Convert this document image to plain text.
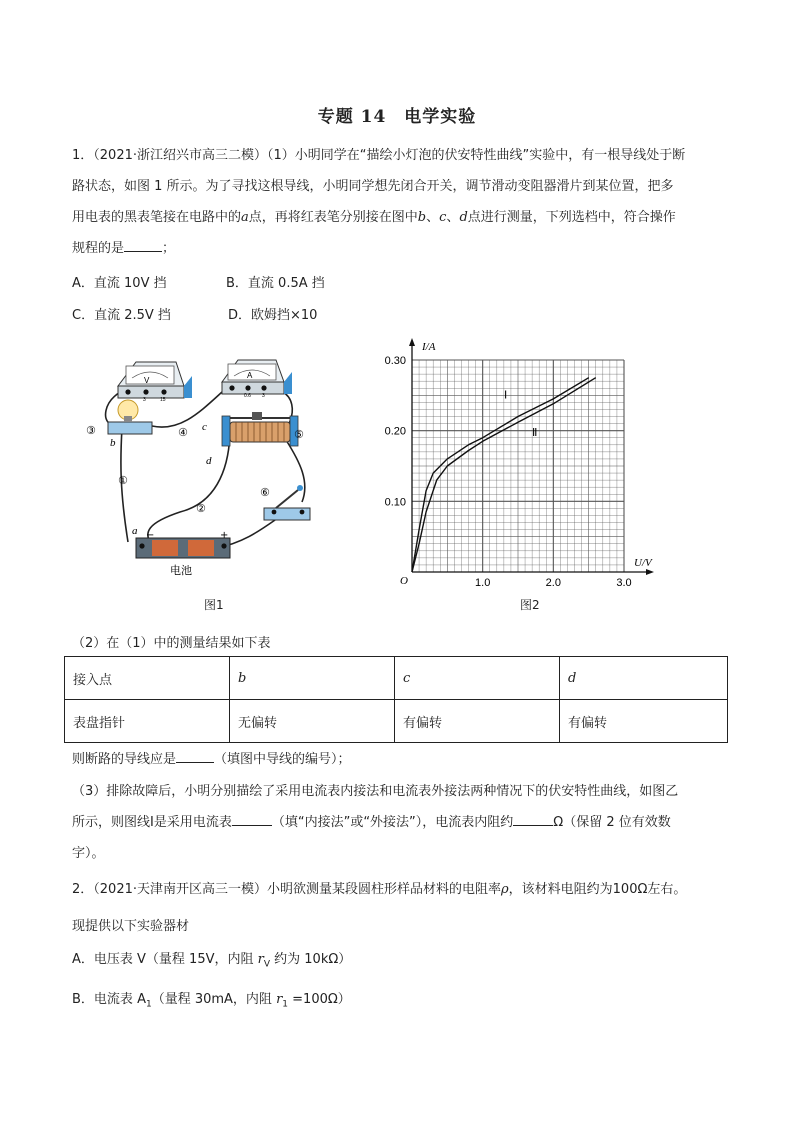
专题 14　电学实验
1．（2021·浙江绍兴市高三二模）（1）小明同学在“描绘小灯泡的伏安特性曲线”实验中，有一根导线处于断
路状态，如图 1 所示。为了寻找这根导线，小明同学想先闭合开关，调节滑动变阻器滑片到某位置，把多
用电表的黑表笔接在电路中的a点，再将红表笔分别接在图中b、c、d点进行测量，下列选档中，符合操作
规程的是	；
A．直流 10V 挡	B．直流 0.5A 挡
C．直流 2.5V 挡	D．欧姆挡×10
V
3	15
A
0.6 3
−	+
电池
③	④	⑤
①
②
⑥
a
b
c
d
图1
Ⅰ
Ⅱ
1.0	2.0	3.0
0.10
0.20
0.30
O
I/A
U/V
图2
（2）在（1）中的测量结果如下表
接入点	b	c	d
表盘指针	无偏转	有偏转	有偏转
则断路的导线应是	（填图中导线的编号）；
（3）排除故障后，小明分别描绘了采用电流表内接法和电流表外接法两种情况下的伏安特性曲线，如图乙
所示，则图线Ⅰ是采用电流表	（填“内接法”或“外接法”），电流表内阻约	Ω（保留 2 位有效数
字）。
2．（2021·天津南开区高三一模）小明欲测量某段圆柱形样品材料的电阻率ρ，该材料电阻约为100Ω左右。
现提供以下实验器材
A．电压表 V（量程 15V，内阻 $r_V$ 约为 10kΩ）
B．电流表 $A_1$（量程 30mA，内阻 $r_1 =100\Omega$）
